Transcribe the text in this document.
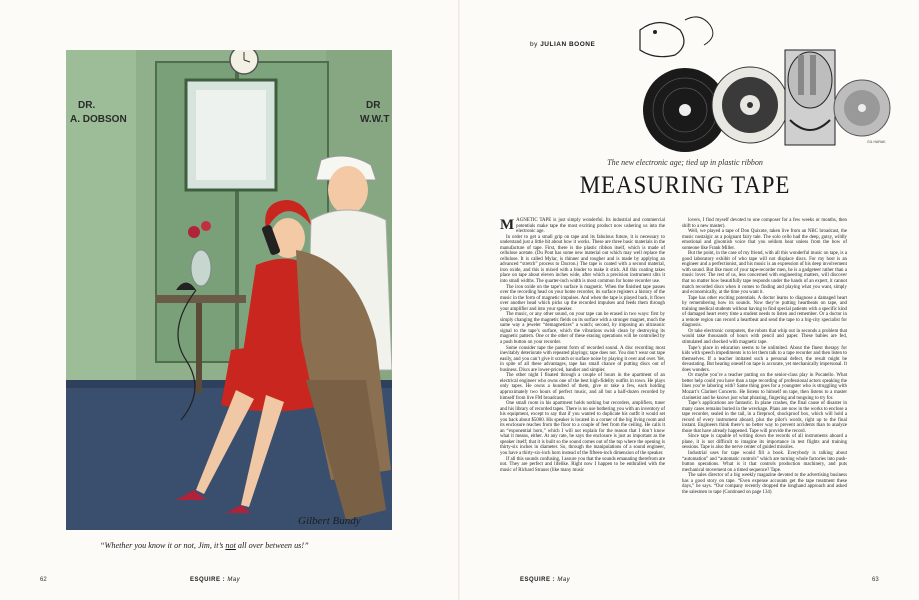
DR.
A. DOBSON
DR
W.W.T
Gilbert Bundy
“Whether you know it or not, Jim, it’s not all over between us!”
62	ESQUIRE : May
by JULIAN BOONE
GIL HARAK
The new electronic age; tied up in plastic ribbon
MEASURING TAPE

MAGNETIC TAPE is just simply wonderful. Its industrial and commercial potentials make tape the most exciting product now ushering us into the electronic age.

In order to get a small grip on tape and its fabulous future, it is necessary to understand just a little bit about how it works. These are three basic materials in the manufacture of tape. First, there is the plastic ribbon itself, which is made of cellulose acetate. (Du Pont has some new material out which may well replace the cellulose. It is called Mylar, is thinner and tougher and is made by applying an advanced “stretch” process to Dacron.) The tape is coated with a second material, iron oxide, and this is mixed with a binder to make it stick. All this coating takes place on tape about eleven inches wide, after which a precision instrument slits it into small widths. The quarter-inch width is most common for home recorder use.

The iron oxide on the tape’s surface is magnetic. When the finished tape passes over the recording head on your home recorder, its surface registers a history of the music in the form of magnetic impulses. And when the tape is played back, it flows over another head which picks up the recorded impulses and feeds them through your amplifier and into your speaker.

The music, or any other sound, on your tape can be erased in two ways: first by simply changing the magnetic fields on its surface with a stronger magnet, much the same way a jeweler “demagnetizes” a watch; second, by imposing an ultrasonic signal to the tape’s surface, which the vibrations swish clean by destroying its magnetic pattern. One or the other of these erasing operations will be controlled by a push button on your recorder.

Some consider tape the parent form of recorded sound. A disc recording most inevitably deteriorate with repeated playings; tape does not. You don’t wear out tape easily, and you can’t give it scratch or surface noise by playing it over and over. Yet, in spite of all these advantages, tape has small chance of putting discs out of business. Discs are lower-priced, handier and simpler.

The other night I floated through a couple of hours in the apartment of an electrical engineer who owns one of the best high-fidelity outfits in town. He plays only tapes. He owns a hundred of them, give or take a few, each holding approximately two hours of perfect music, and all but a half-dozen recorded by himself from live FM broadcasts.

One small room in his apartment holds nothing but recorders, amplifiers, tuner and his library of recorded tapes. There is no use bothering you with an inventory of his equipment, except to say that if you wanted to duplicate his outfit it would set you back about $5000. His speaker is located in a corner of the big living room and its enclosure reaches from the floor to a couple of feet from the ceiling. He calls it an “exponential horn,” which I will not explain for the reason that I don’t know what it means, either. At any rate, he says the enclosure is just as important as the speaker itself; that it is built so the sound comes out of the top where the opening is thirty-six inches in diameter. So, through the manipulations of a sound engineer, you have a thirty-six-inch horn instead of the fifteen-inch dimension of the speaker.

If all this sounds confusing, I assure you that the sounds emanating therefrom are not. They are perfect and lifelike. Right now I happen to be enthralled with the music of Richard Strauss (like many music

lovers, I find myself devoted to one composer for a few weeks or months, then shift to a new master).

Well, we played a tape of Don Quixote, taken live from an NBC broadcast, the music nostalgic as a poignant fairy tale. The solo cello had the deep, gutsy, wildly emotional and gloomish voice that you seldom hear unless from the bow of someone like Frank Miller.

But the point, in the case of my friend, with all this wonderful music on tape, is a good laboratory exhibit of who tape will not displace discs. For my host is an engineer and a perfectionist, and his music is an expression of his deep involvement with sound. But like most of your tape-recorder men, he is a gadgeteer rather than a music lover. The rest of us, less concerned with engineering matters, will discover that no matter how beautifully tape responds under the hands of an expert, it cannot match recorded discs when it comes to finding and playing what you want, simply and economically, at the time you want it.

Tape has other exciting potentials. A doctor learns to diagnose a damaged heart by remembering how its sounds. Now they’re putting heartbeats on tape, and training medical students without having to find special patients with a specific kind of damaged heart every time a student needs to listen and remember. Or a doctor in a remote region can record a heartbeat and send the tape to a big-city specialist for diagnosis.

Or take electronic computers, the robots that whip out in seconds a problem that would take thousands of hours with pencil and paper. These babies are fed, stimulated and checked with magnetic tape.

Tape’s place in education seems to be unlimited. About the finest therapy for kids with speech impediments is to let them talk to a tape recorder and then listen to themselves. If a teacher imitated such a personal defect, the result might be devastating. But hearing oneself on tape is accurate, yet mechanically impersonal. It does wonders.

Or maybe you’re a teacher putting on the senior-class play in Pocatello. What better help could you have than a tape recording of professional actors speaking the lines you’re laboring with? Same thing goes for a youngster who is struggling with Mozart’s Clarinet Concerto. He listens to himself on tape, then listens to a master clarinetist and he knows just what phrasing, fingering and tonguing to try for.

Tape’s applications are fantastic. In plane crashes, the final cause of disaster in many cases remains buried in the wreckage. Plans are now in the works to enclose a tape recorder, sealed in the tail, in a fireproof, shockproof box, which will hold a record of every instrument aboard, plus the pilot’s words, right up to the final instant. Engineers think there’s no better way to prevent accidents than to analyze those that have already happened. Tape will provide the record.

Since tape is capable of writing down the records of all instruments aboard a plane, it is not difficult to imagine its importance in test flights and training sessions. Tape is also the nerve center of guided missiles.

Industrial uses for tape would fill a book. Everybody is talking about “automation” and “automatic controls” which are turning whole factories into push-button operations. What is it that controls production machinery, and puts mechanical movement on a timed sequence? Tape.

The sales director of a big weekly magazine devoted to the advertising business has a good story on tape. “Even expense accounts get the tape treatment these days,” he says. “Our company recently dropped the longhand approach and asked the salesmen to tape (Continued on page 134)

ESQUIRE : May	63
